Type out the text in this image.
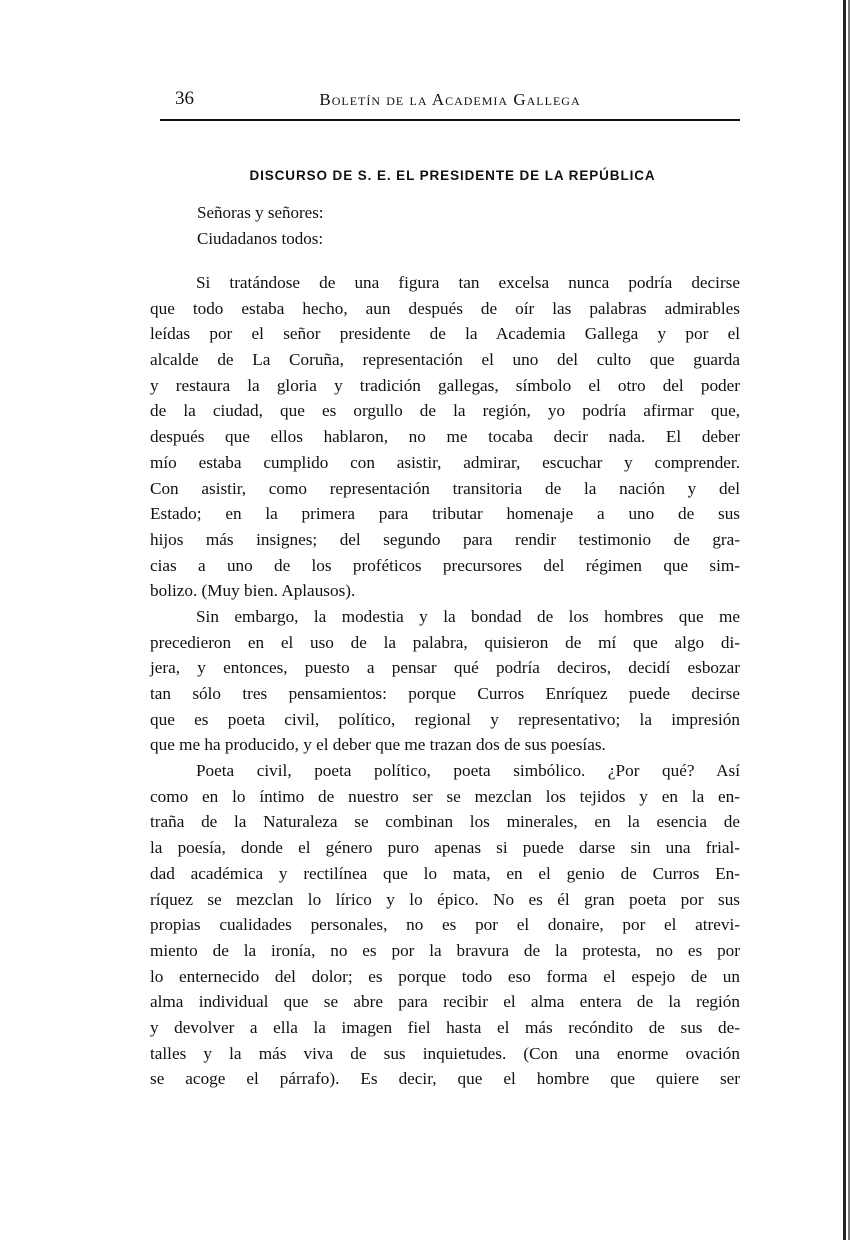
36	Boletín de la Academia Gallega
DISCURSO DE S. E. EL PRESIDENTE DE LA REPÚBLICA
Señoras y señores:
Ciudadanos todos:
Si tratándose de una figura tan excelsa nunca podría decirse
que todo estaba hecho, aun después de oír las palabras admirables
leídas por el señor presidente de la Academia Gallega y por el
alcalde de La Coruña, representación el uno del culto que guarda
y restaura la gloria y tradición gallegas, símbolo el otro del poder
de la ciudad, que es orgullo de la región, yo podría afirmar que,
después que ellos hablaron, no me tocaba decir nada. El deber
mío estaba cumplido con asistir, admirar, escuchar y comprender.
Con asistir, como representación transitoria de la nación y del
Estado; en la primera para tributar homenaje a uno de sus
hijos más insignes; del segundo para rendir testimonio de gra-
cias a uno de los proféticos precursores del régimen que sim-
bolizo. (Muy bien. Aplausos).
Sin embargo, la modestia y la bondad de los hombres que me
precedieron en el uso de la palabra, quisieron de mí que algo di-
jera, y entonces, puesto a pensar qué podría deciros, decidí esbozar
tan sólo tres pensamientos: porque Curros Enríquez puede decirse
que es poeta civil, político, regional y representativo; la impresión
que me ha producido, y el deber que me trazan dos de sus poesías.
Poeta civil, poeta político, poeta simbólico. ¿Por qué? Así
como en lo íntimo de nuestro ser se mezclan los tejidos y en la en-
traña de la Naturaleza se combinan los minerales, en la esencia de
la poesía, donde el género puro apenas si puede darse sin una frial-
dad académica y rectilínea que lo mata, en el genio de Curros En-
ríquez se mezclan lo lírico y lo épico. No es él gran poeta por sus
propias cualidades personales, no es por el donaire, por el atrevi-
miento de la ironía, no es por la bravura de la protesta, no es por
lo enternecido del dolor; es porque todo eso forma el espejo de un
alma individual que se abre para recibir el alma entera de la región
y devolver a ella la imagen fiel hasta el más recóndito de sus de-
talles y la más viva de sus inquietudes. (Con una enorme ovación
se acoge el párrafo). Es decir, que el hombre que quiere ser
